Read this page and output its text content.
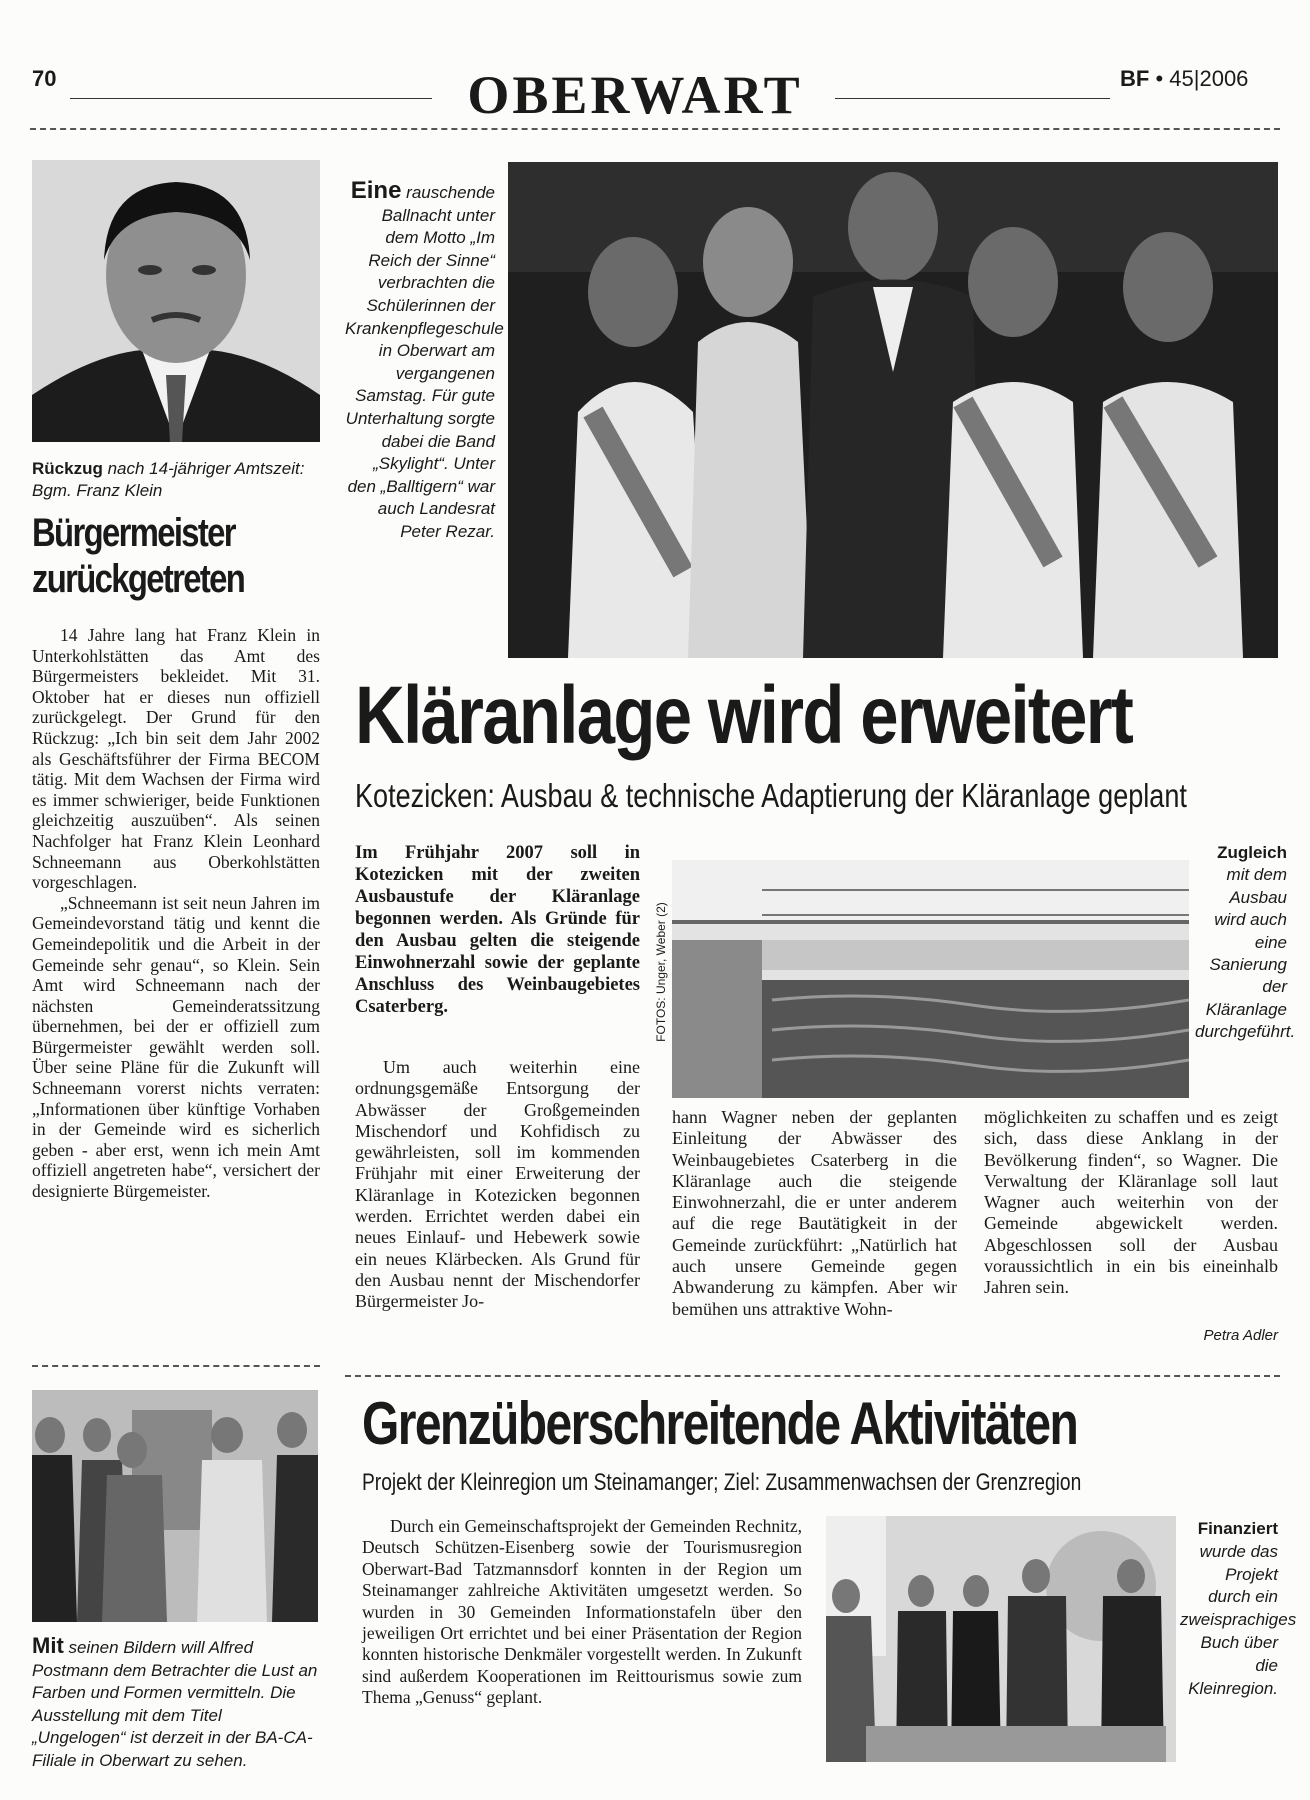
70	OBERWART	BF • 45|2006
Rückzug nach 14-jähriger Amtszeit: Bgm. Franz Klein
Bürgermeister
zurückgetreten
14 Jahre lang hat Franz Klein in Unterkohlstätten das Amt des Bürgermeisters bekleidet. Mit 31. Oktober hat er dieses nun offiziell zurückgelegt. Der Grund für den Rückzug: „Ich bin seit dem Jahr 2002 als Geschäftsführer der Firma BECOM tätig. Mit dem Wachsen der Firma wird es immer schwieriger, beide Funktionen gleichzeitig auszuüben“. Als seinen Nachfolger hat Franz Klein Leonhard Schneemann aus Oberkohlstätten vorgeschlagen.
„Schneemann ist seit neun Jahren im Gemeindevorstand tätig und kennt die Gemeindepolitik und die Arbeit in der Gemeinde sehr genau“, so Klein. Sein Amt wird Schneemann nach der nächsten Gemeinderatssitzung übernehmen, bei der er offiziell zum Bürgermeister gewählt werden soll. Über seine Pläne für die Zukunft will Schneemann vorerst nichts verraten: „Informationen über künftige Vorhaben in der Gemeinde wird es sicherlich geben - aber erst, wenn ich mein Amt offiziell angetreten habe“, versichert der designierte Bürgemeister.
Eine rauschende Ballnacht unter dem Motto „Im Reich der Sinne“ verbrachten die Schülerinnen der Krankenpflegeschule in Oberwart am vergangenen Samstag. Für gute Unterhaltung sorgte dabei die Band „Skylight“. Unter den „Balltigern“ war auch Landesrat Peter Rezar.
Kläranlage wird erweitert
Kotezicken: Ausbau & technische Adaptierung der Kläranlage geplant
Im Frühjahr 2007 soll in Kotezicken mit der zweiten Ausbaustufe der Kläranlage begonnen werden. Als Gründe für den Ausbau gelten die steigende Einwohnerzahl sowie der geplante Anschluss des Weinbaugebietes Csaterberg.
Um auch weiterhin eine ordnungsgemäße Entsorgung der Abwässer der Großgemeinden Mischendorf und Kohfidisch zu gewährleisten, soll im kommenden Frühjahr mit einer Erweiterung der Kläranlage in Kotezicken begonnen werden. Errichtet werden dabei ein neues Einlauf- und Hebewerk sowie ein neues Klärbecken. Als Grund für den Ausbau nennt der Mischendorfer Bürgermeister Jo-
FOTOS: Unger, Weber (2)
Zugleich
mit dem Ausbau wird auch eine Sanierung der Kläranlage durchgeführt.
hann Wagner neben der geplanten Einleitung der Abwässer des Weinbaugebietes Csaterberg in die Kläranlage auch die steigende Einwohnerzahl, die er unter anderem auf die rege Bautätigkeit in der Gemeinde zurückführt: „Natürlich hat auch unsere Gemeinde gegen Abwanderung zu kämpfen. Aber wir bemühen uns attraktive Wohn-
möglichkeiten zu schaffen und es zeigt sich, dass diese Anklang in der Bevölkerung finden“, so Wagner. Die Verwaltung der Kläranlage soll laut Wagner auch weiterhin von der Gemeinde abgewickelt werden. Abgeschlossen soll der Ausbau voraussichtlich in ein bis eineinhalb Jahren sein.
Petra Adler
Mit seinen Bildern will Alfred Postmann dem Betrachter die Lust an Farben und Formen vermitteln. Die Ausstellung mit dem Titel „Ungelogen“ ist derzeit in der BA-CA-Filiale in Oberwart zu sehen.
Grenzüberschreitende Aktivitäten
Projekt der Kleinregion um Steinamanger; Ziel: Zusammenwachsen der Grenzregion
Durch ein Gemeinschaftsprojekt der Gemeinden Rechnitz, Deutsch Schützen-Eisenberg sowie der Tourismusregion Oberwart-Bad Tatzmannsdorf konnten in der Region um Steinamanger zahlreiche Aktivitäten umgesetzt werden. So wurden in 30 Gemeinden Informationstafeln über den jeweiligen Ort errichtet und bei einer Präsentation der Region konnten historische Denkmäler vorgestellt werden. In Zukunft sind außerdem Kooperationen im Reittourismus sowie zum Thema „Genuss“ geplant.
Finanziert
wurde das Projekt durch ein zweisprachiges Buch über die Kleinregion.
